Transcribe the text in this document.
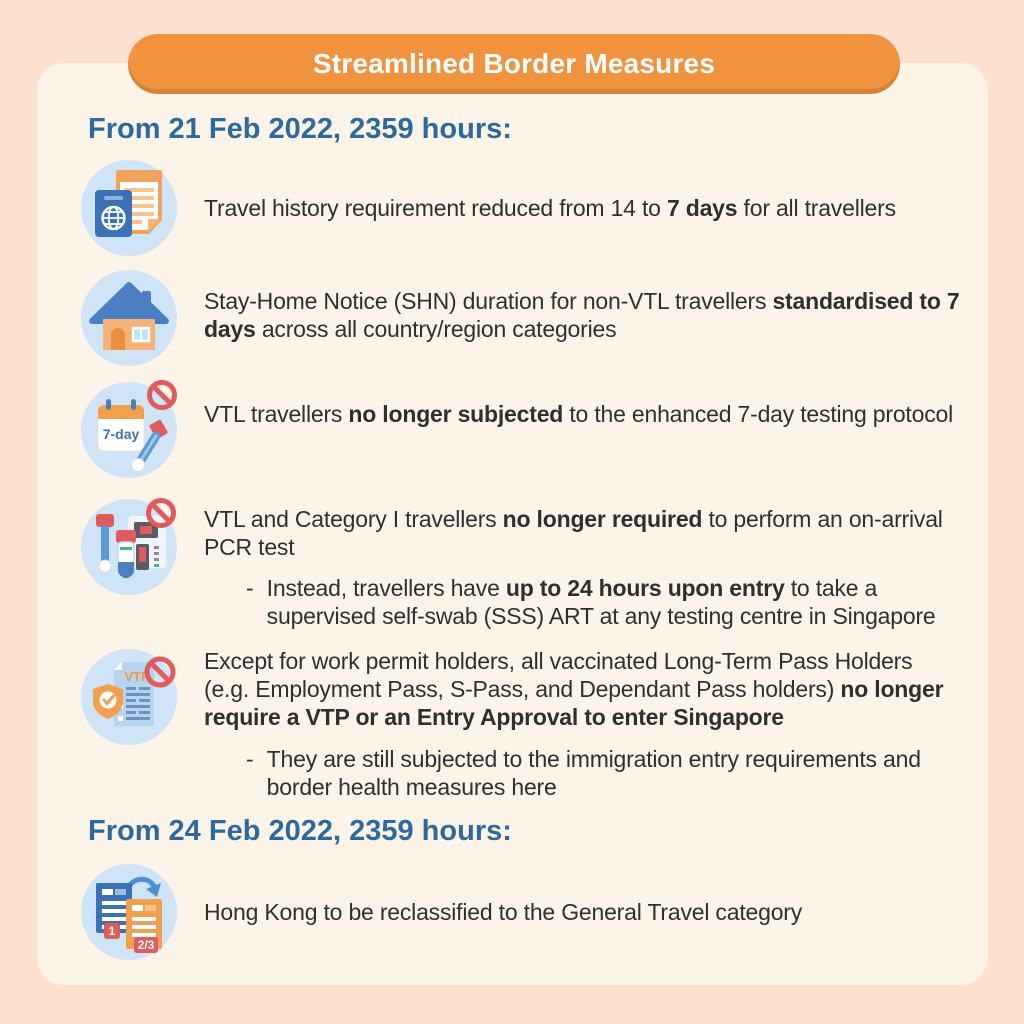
Streamlined Border Measures
From 21 Feb 2022, 2359 hours:
Travel history requirement reduced from 14 to 7 days for all travellers
Stay-Home Notice (SHN) duration for non-VTL travellers standardised to 7 days across all country/region categories
7-day
VTL travellers no longer subjected to the enhanced 7-day testing protocol
VTL and Category I travellers no longer required to perform an on-arrival PCR test
- Instead, travellers have up to 24 hours upon entry to take a supervised self-swab (SSS) ART at any testing centre in Singapore
VTP
Except for work permit holders, all vaccinated Long-Term Pass Holders (e.g. Employment Pass, S-Pass, and Dependant Pass holders) no longer require a VTP or an Entry Approval to enter Singapore
- They are still subjected to the immigration entry requirements and border health measures here
From 24 Feb 2022, 2359 hours:
1
2/3
Hong Kong to be reclassified to the General Travel category
